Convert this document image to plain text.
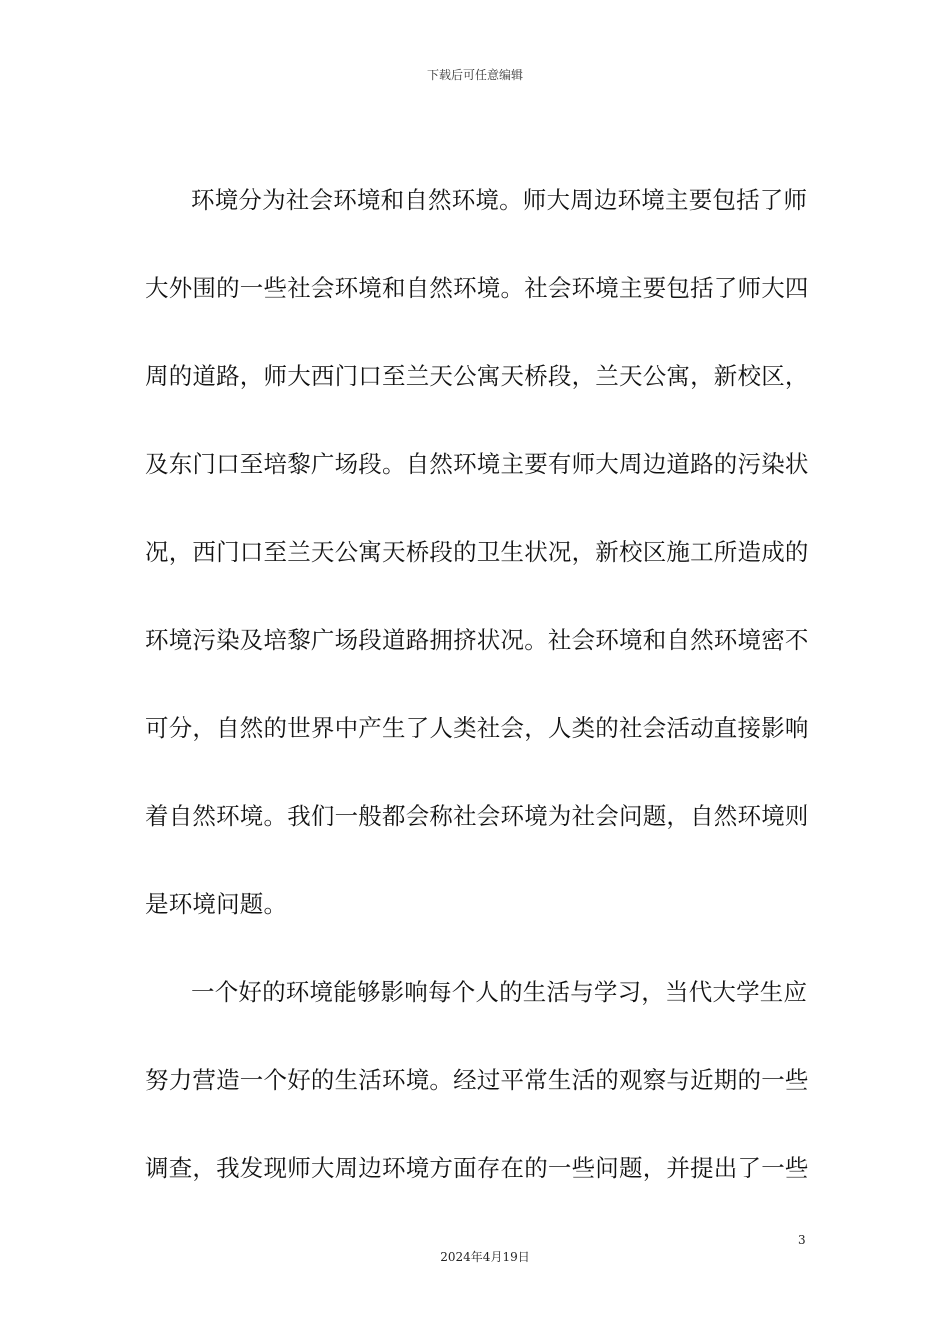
下载后可任意编辑
环境分为社会环境和自然环境。师大周边环境主要包括了师
大外围的一些社会环境和自然环境。社会环境主要包括了师大四
周的道路，师大西门口至兰天公寓天桥段，兰天公寓，新校区，
及东门口至培黎广场段。自然环境主要有师大周边道路的污染状
况，西门口至兰天公寓天桥段的卫生状况，新校区施工所造成的
环境污染及培黎广场段道路拥挤状况。社会环境和自然环境密不
可分，自然的世界中产生了人类社会，人类的社会活动直接影响
着自然环境。我们一般都会称社会环境为社会问题，自然环境则
是环境问题。
一个好的环境能够影响每个人的生活与学习，当代大学生应
努力营造一个好的生活环境。经过平常生活的观察与近期的一些
调查，我发现师大周边环境方面存在的一些问题，并提出了一些
3
2024年4月19日
